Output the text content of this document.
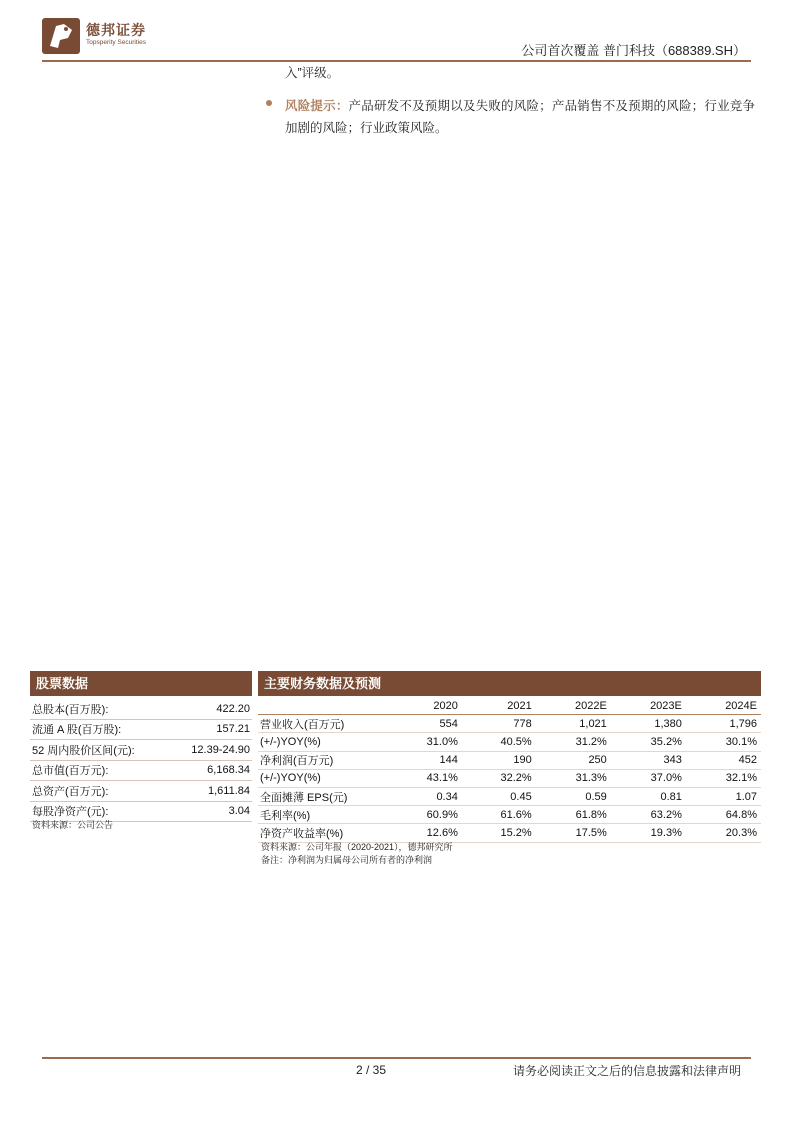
德邦证券
Topsperity Securities
公司首次覆盖 普门科技（688389.SH）
入”评级。
风险提示：产品研发不及预期以及失败的风险；产品销售不及预期的风险；行业竞争加剧的风险；行业政策风险。
股票数据
总股本(百万股):	422.20
流通 A 股(百万股):	157.21
52 周内股价区间(元):	12.39-24.90
总市值(百万元):	6,168.34
总资产(百万元):	1,611.84
每股净资产(元):	3.04
资料来源：公司公告
主要财务数据及预测
	2020	2021	2022E	2023E	2024E
营业收入(百万元)	554	778	1,021	1,380	1,796
(+/-)YOY(%)	31.0%	40.5%	31.2%	35.2%	30.1%
净利润(百万元)	144	190	250	343	452
(+/-)YOY(%)	43.1%	32.2%	31.3%	37.0%	32.1%
全面摊薄 EPS(元)	0.34	0.45	0.59	0.81	1.07
毛利率(%)	60.9%	61.6%	61.8%	63.2%	64.8%
净资产收益率(%)	12.6%	15.2%	17.5%	19.3%	20.3%
资料来源：公司年报（2020-2021），德邦研究所
备注：净利润为归属母公司所有者的净利润
2 / 35	请务必阅读正文之后的信息披露和法律声明
